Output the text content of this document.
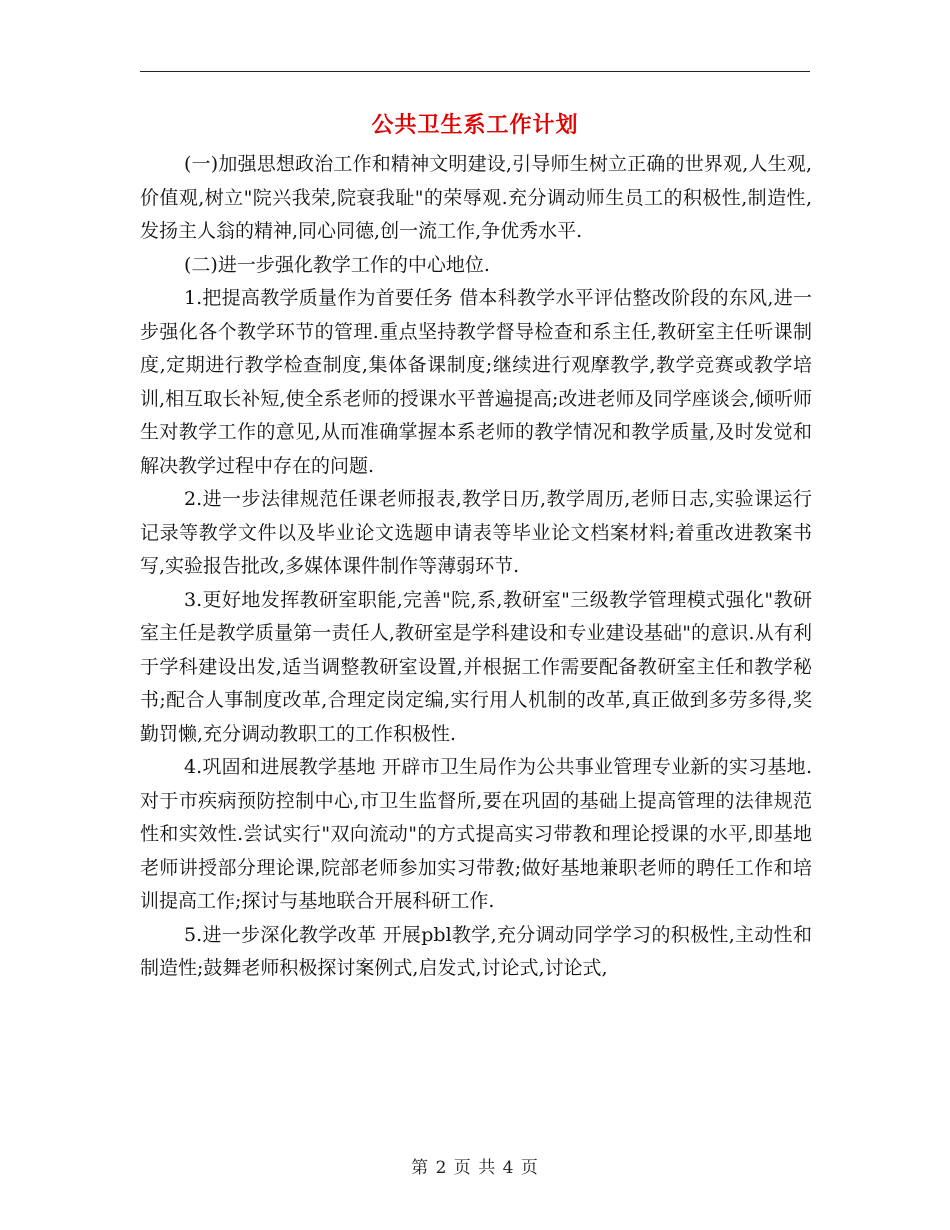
公共卫生系工作计划

(一)加强思想政治工作和精神文明建设,引导师生树立正确的世界观,人生观,价值观,树立"院兴我荣,院衰我耻"的荣辱观.充分调动师生员工的积极性,制造性,发扬主人翁的精神,同心同德,创一流工作,争优秀水平.

(二)进一步强化教学工作的中心地位.

1.把提高教学质量作为首要任务 借本科教学水平评估整改阶段的东风,进一步强化各个教学环节的管理.重点坚持教学督导检查和系主任,教研室主任听课制度,定期进行教学检查制度,集体备课制度;继续进行观摩教学,教学竞赛或教学培训,相互取长补短,使全系老师的授课水平普遍提高;改进老师及同学座谈会,倾听师生对教学工作的意见,从而准确掌握本系老师的教学情况和教学质量,及时发觉和解决教学过程中存在的问题.

2.进一步法律规范任课老师报表,教学日历,教学周历,老师日志,实验课运行记录等教学文件以及毕业论文选题申请表等毕业论文档案材料;着重改进教案书写,实验报告批改,多媒体课件制作等薄弱环节.

3.更好地发挥教研室职能,完善"院,系,教研室"三级教学管理模式强化"教研室主任是教学质量第一责任人,教研室是学科建设和专业建设基础"的意识.从有利于学科建设出发,适当调整教研室设置,并根据工作需要配备教研室主任和教学秘书;配合人事制度改革,合理定岗定编,实行用人机制的改革,真正做到多劳多得,奖勤罚懒,充分调动教职工的工作积极性.

4.巩固和进展教学基地 开辟市卫生局作为公共事业管理专业新的实习基地.对于市疾病预防控制中心,市卫生监督所,要在巩固的基础上提高管理的法律规范性和实效性.尝试实行"双向流动"的方式提高实习带教和理论授课的水平,即基地老师讲授部分理论课,院部老师参加实习带教;做好基地兼职老师的聘任工作和培训提高工作;探讨与基地联合开展科研工作.

5.进一步深化教学改革 开展pbl教学,充分调动同学学习的积极性,主动性和制造性;鼓舞老师积极探讨案例式,启发式,讨论式,讨论式,

第 2 页 共 4 页
